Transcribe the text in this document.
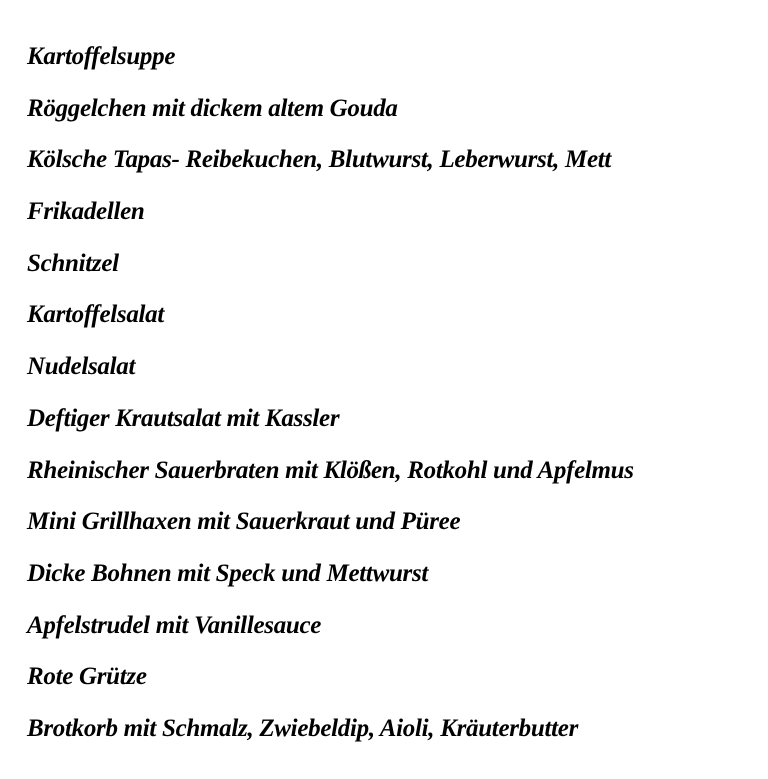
Kartoffelsuppe
Röggelchen mit dickem altem Gouda
Kölsche Tapas- Reibekuchen, Blutwurst, Leberwurst, Mett
Frikadellen
Schnitzel
Kartoffelsalat
Nudelsalat
Deftiger Krautsalat mit Kassler
Rheinischer Sauerbraten mit Klößen, Rotkohl und Apfelmus
Mini Grillhaxen mit Sauerkraut und Püree
Dicke Bohnen mit Speck und Mettwurst
Apfelstrudel mit Vanillesauce
Rote Grütze
Brotkorb mit Schmalz, Zwiebeldip, Aioli, Kräuterbutter
